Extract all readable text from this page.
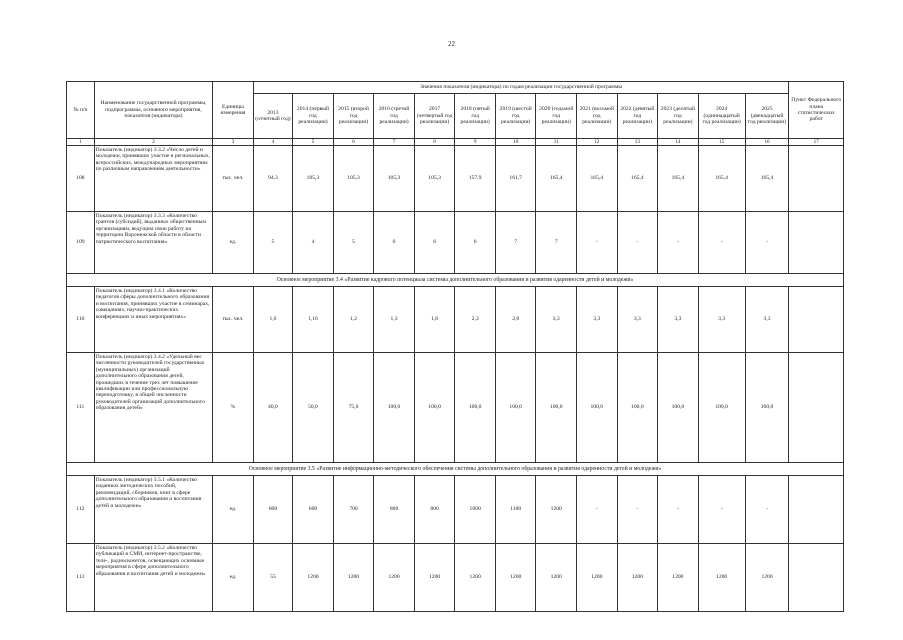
22
№ п/п	Наименование государственной программы, подпрограммы, основного мероприятия, показателя (индикатора)	Единицы измерения	Значения показателя (индикатора) по годам реализации государственной программы													Пункт Федерального плана статистических работ
			2013 (отчетный год)	2014 (первый год реализации)	2015 (второй год реализации)	2016 (третий год реализации)	2017 (четвертый год реализации)	2018 (пятый год реализации)	2019 (шестой год реализации)	2020 (седьмой год реализации)	2021 (восьмой год реализации)	2022 (девятый год реализации)	2023 (десятый год реализации)	2024 (одиннадцатый год реализации)	2025 (двенадцатый год реализации)	
1	2	3	4	5	6	7	8	9	10	11	12	13	14	15	16	17
108	Показатель (индикатор) 3.3.2 «Число детей и молодежи, принявших участие в региональных, всероссийских, международных мероприятиях по различным направлениям деятельности»	тыс. чел.	94,3	105,3	105,3	105,3	105,3	157,9	161,7	165,4	165,4	165,4	165,4	165,4	165,4	
109	Показатель (индикатор) 3.3.3 «Количество грантов (субсидий), выданных общественным организациям, ведущим свою работу на территории Воронежской области в области патриотического воспитания»	ед.	5	4	5	0	6	6	7	7	-	-	-	-	-	
Основное мероприятие 3.4 «Развитие кадрового потенциала системы дополнительного образования и развития одаренности детей и молодежи»																
110	Показатель (индикатор) 3.4.1 «Количество педагогов сферы дополнительного образования и воспитания, принявших участие в семинарах, совещаниях, научно-практических конференциях и иных мероприятиях»	тыс. чел.	1,0	1,16	1,2	1,3	1,8	2,3	2,8	3,3	3,3	3,3	3,3	3,3	3,3	
111	Показатель (индикатор) 3.4.2 «Удельный вес численности руководителей государственных (муниципальных) организаций дополнительного образования детей, прошедших в течение трех лет повышение квалификации или профессиональную переподготовку, в общей численности руководителей организаций дополнительного образования детей»	%	40,0	50,0	75,0	100,0	100,0	100,0	100,0	100,0	100,0	100,0	100,0	100,0	100,0	
Основное мероприятие 3.5 «Развитие информационно-методического обеспечения системы дополнительного образования и развития одаренности детей и молодежи»																
112	Показатель (индикатор) 3.5.1 «Количество изданных методических пособий, рекомендаций, сборников, книг в сфере дополнительного образования и воспитания детей и молодежи»	ед.	600	600	700	800	800	1000	1100	1200	-	-	-	-	-	
113	Показатель (индикатор) 3.5.2 «Количество публикаций в СМИ, интернет-пространстве, теле-, радиосюжетов, освещающих основные мероприятия в сфере дополнительного образования и воспитания детей и молодежи»	ед.	55	1200	1200	1200	1200	1200	1200	1200	1200	1200	1200	1200	1200	
